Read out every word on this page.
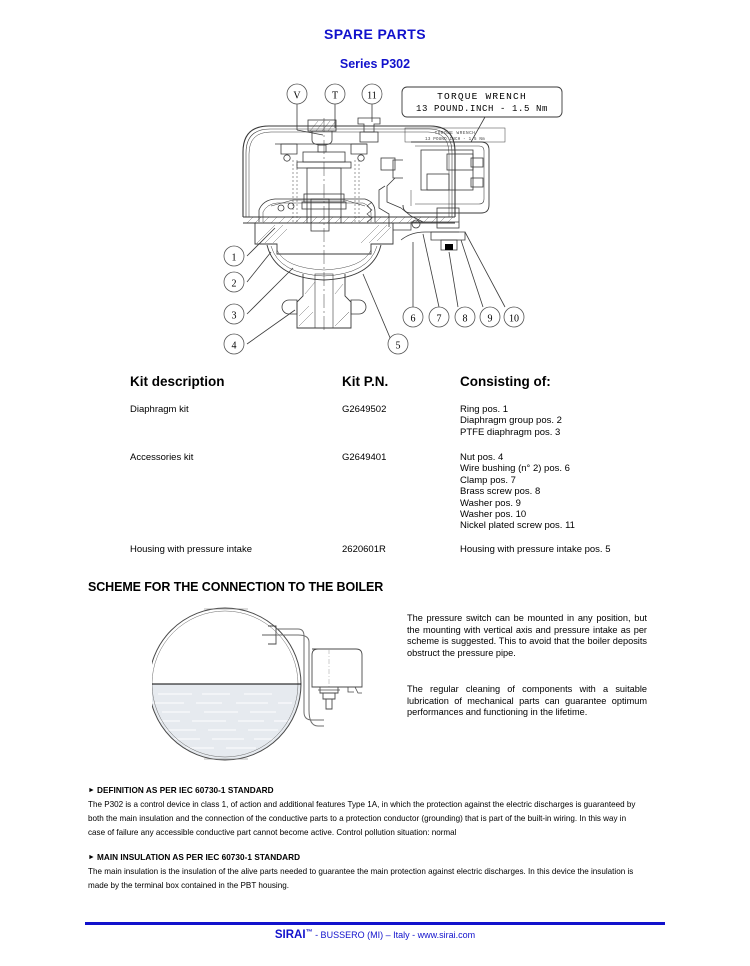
SPARE PARTS
Series P302
V	T	11
1
2
3
4
6 7 8 9 10
5
TORQUE WRENCH
13 POUND.INCH - 1.5 Nm
TORQUE WRENCH
13 POUND.INCH - 1.5 Nm
Kit description	Kit P.N.	Consisting of:
Diaphragm kit	G2649502	Ring pos. 1
Diaphragm group pos. 2
PTFE diaphragm pos. 3
Accessories kit	G2649401	Nut pos. 4
Wire bushing (n° 2) pos. 6
Clamp pos. 7
Brass screw pos. 8
Washer pos. 9
Washer pos. 10
Nickel plated screw pos. 11
Housing with pressure intake	2620601R	Housing with pressure intake pos. 5
SCHEME FOR THE CONNECTION TO THE BOILER
The pressure switch can be mounted in any position, but the mounting with vertical axis and pressure intake as per scheme is suggested. This to avoid that the boiler deposits obstruct the pressure pipe.
The regular cleaning of components with a suitable lubrication of mechanical parts can guarantee optimum performances and functioning in the lifetime.
► DEFINITION AS PER IEC 60730-1 STANDARD
The P302 is a control device in class 1, of action and additional features Type 1A, in which the protection against the electric discharges is guaranteed by both the main insulation and the connection of the conductive parts to a protection conductor (grounding) that is part of the built-in wiring. In this way in case of failure any accessible conductive part cannot become active. Control pollution situation: normal
► MAIN INSULATION AS PER IEC 60730-1 STANDARD
The main insulation is the insulation of the alive parts needed to guarantee the main protection against electric discharges. In this device the insulation is made by the terminal box contained in the PBT housing.
SIRAI™ - BUSSERO (MI) – Italy - www.sirai.com
